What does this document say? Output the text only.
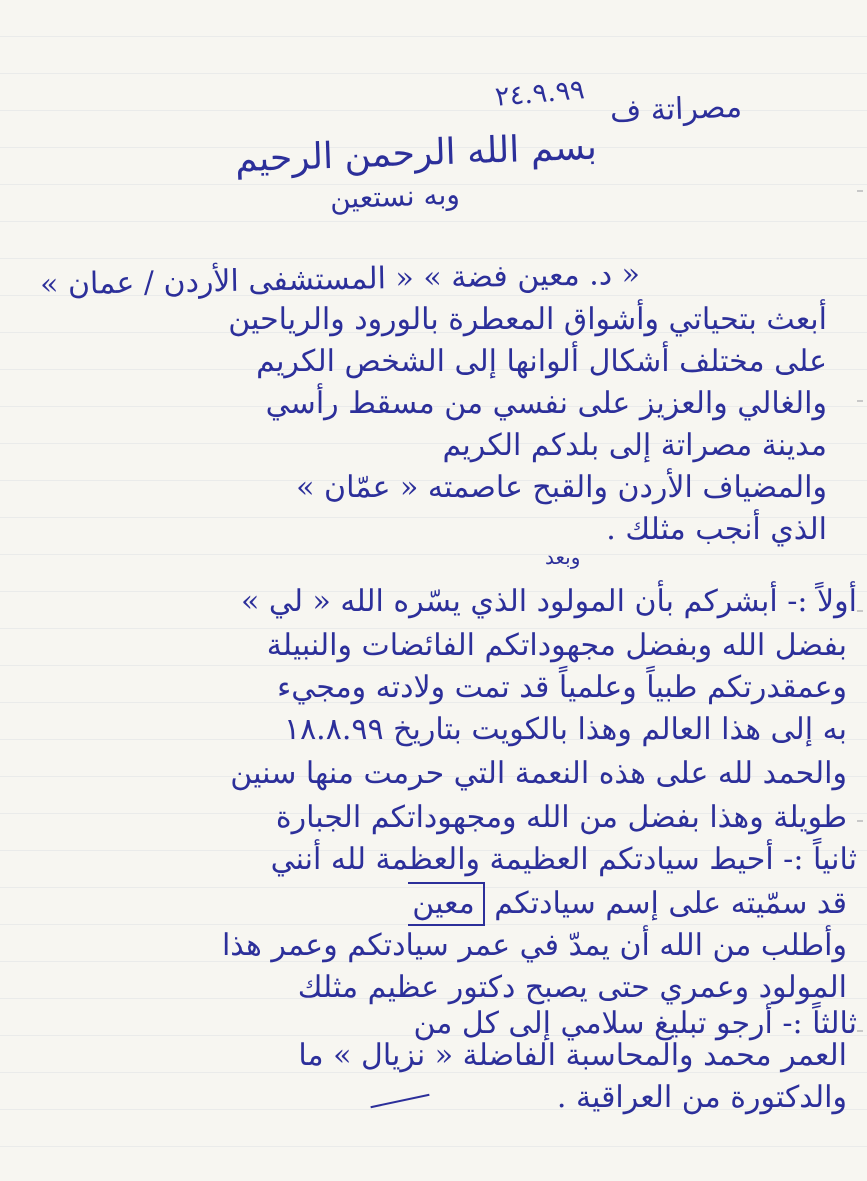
٢٤.٩.٩٩ مصراتة ف
بسم الله الرحمن الرحيم
وبه نستعين
« د. معين فضة » « المستشفى الأردن / عمان »
أبعث بتحياتي وأشواق المعطرة بالورود والرياحين
على مختلف أشكال ألوانها إلى الشخص الكريم
والغالي والعزيز على نفسي من مسقط رأسي
مدينة مصراتة إلى بلدكم الكريم
والمضياف الأردن والقبح عاصمته « عمّان »
الذي أنجب مثلك .
وبعد
أولاً :- أبشركم بأن المولود الذي يسّره الله « لي »
بفضل الله وبفضل مجهوداتكم الفائضات والنبيلة
وعمقدرتكم طبياً وعلمياً قد تمت ولادته ومجيء
به إلى هذا العالم وهذا بالكويت بتاريخ ١٨.٨.٩٩
والحمد لله على هذه النعمة التي حرمت منها سنين
طويلة وهذا بفضل من الله ومجهوداتكم الجبارة
ثانياً :- أحيط سيادتكم العظيمة والعظمة لله أنني
قد سمّيته على إسم سيادتكم معين
وأطلب من الله أن يمدّ في عمر سيادتكم وعمر هذا
المولود وعمري حتى يصبح دكتور عظيم مثلك
ثالثاً :- أرجو تبليغ سلامي إلى كل من
العمر محمد والمحاسبة الفاضلة « نزيال » ما
والدكتورة من العراقية .
